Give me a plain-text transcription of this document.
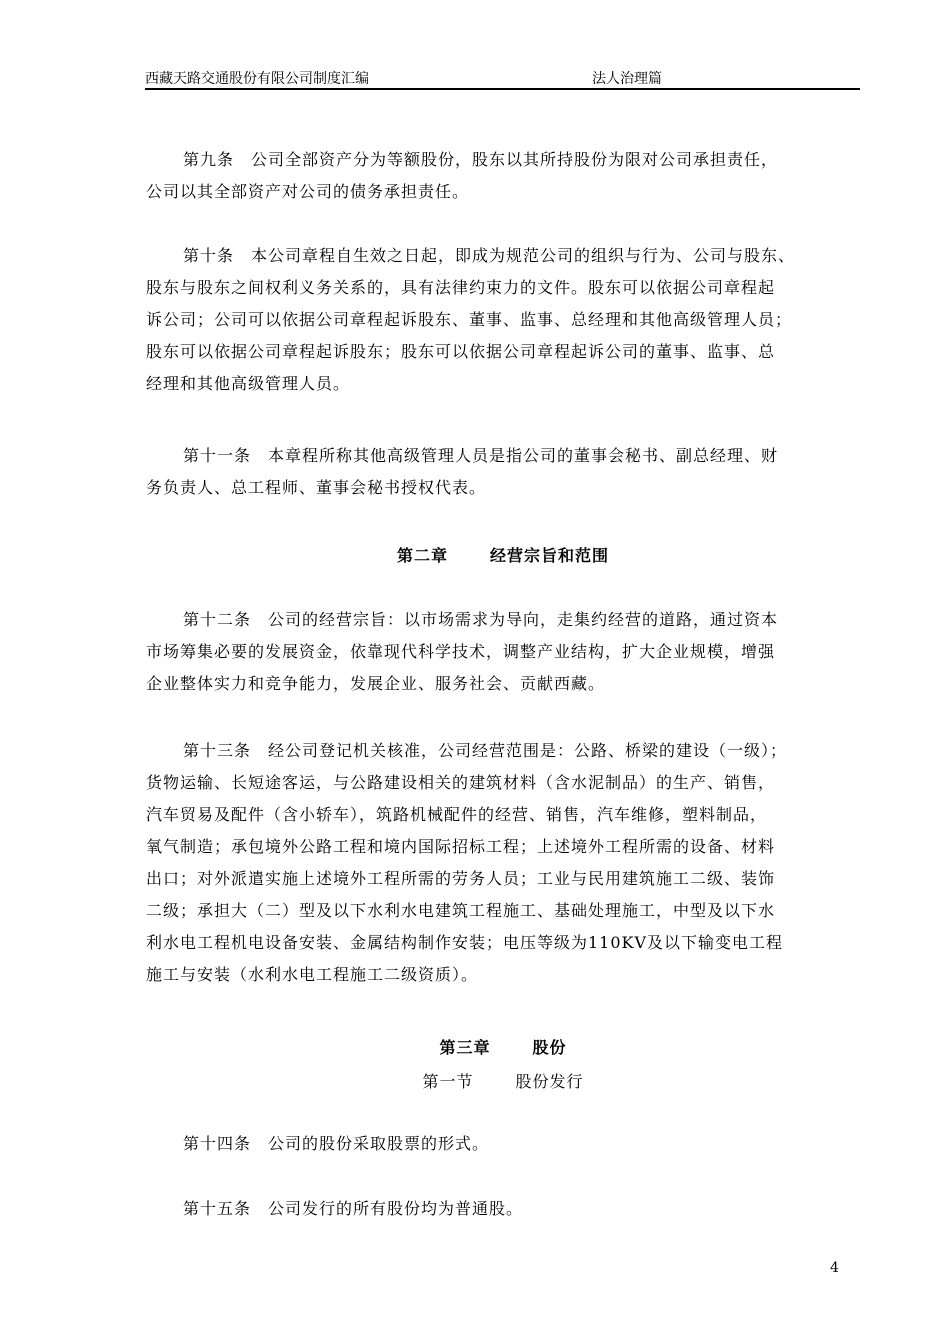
西藏天路交通股份有限公司制度汇编	法人治理篇
第九条　公司全部资产分为等额股份，股东以其所持股份为限对公司承担责任，
公司以其全部资产对公司的债务承担责任。
第十条　本公司章程自生效之日起，即成为规范公司的组织与行为、公司与股东、
股东与股东之间权利义务关系的，具有法律约束力的文件。股东可以依据公司章程起
诉公司；公司可以依据公司章程起诉股东、董事、监事、总经理和其他高级管理人员；
股东可以依据公司章程起诉股东；股东可以依据公司章程起诉公司的董事、监事、总
经理和其他高级管理人员。
第十一条　本章程所称其他高级管理人员是指公司的董事会秘书、副总经理、财
务负责人、总工程师、董事会秘书授权代表。
第二章	经营宗旨和范围
第十二条　公司的经营宗旨：以市场需求为导向，走集约经营的道路，通过资本
市场筹集必要的发展资金，依靠现代科学技术，调整产业结构，扩大企业规模，增强
企业整体实力和竞争能力，发展企业、服务社会、贡献西藏。
第十三条　经公司登记机关核准，公司经营范围是：公路、桥梁的建设（一级）；
货物运输、长短途客运，与公路建设相关的建筑材料（含水泥制品）的生产、销售，
汽车贸易及配件（含小轿车），筑路机械配件的经营、销售，汽车维修，塑料制品，
氧气制造；承包境外公路工程和境内国际招标工程；上述境外工程所需的设备、材料
出口；对外派遣实施上述境外工程所需的劳务人员；工业与民用建筑施工二级、装饰
二级；承担大（二）型及以下水利水电建筑工程施工、基础处理施工，中型及以下水
利水电工程机电设备安装、金属结构制作安装；电压等级为110KV及以下输变电工程
施工与安装（水利水电工程施工二级资质）。
第三章	股份
第一节	股份发行
第十四条　公司的股份采取股票的形式。
第十五条　公司发行的所有股份均为普通股。
4
